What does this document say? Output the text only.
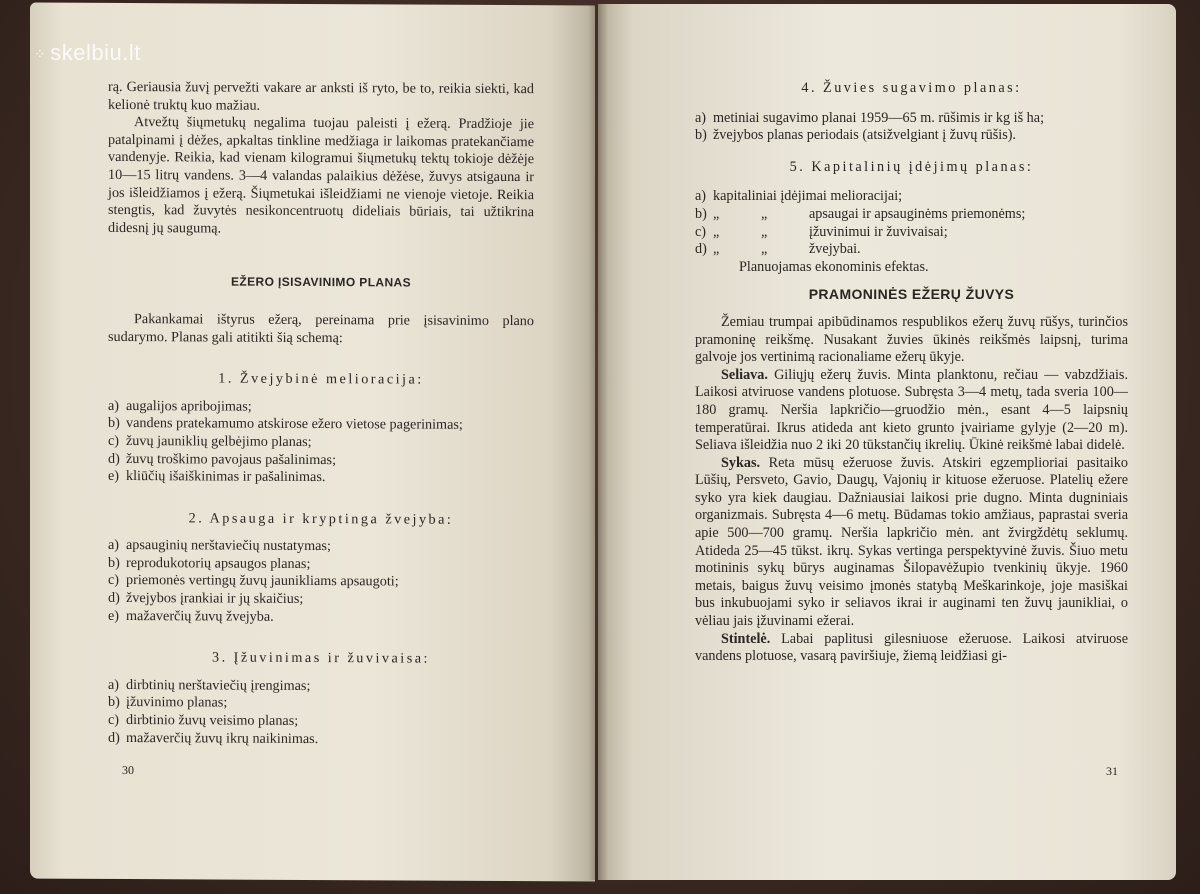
rą. Geriausia žuvį pervežti vakare ar anksti iš ryto, be to, reikia siekti, kad kelionė truktų kuo mažiau.

Atvežtų šiųmetukų negalima tuojau paleisti į ežerą. Pradžioje jie patalpinami į dėžes, apkaltas tinkline medžiaga ir laikomas pratekančiame vandenyje. Reikia, kad vienam kilogramui šiųmetukų tektų tokioje dėžėje 10—15 litrų vandens. 3—4 valandas palaikius dėžėse, žuvys atsigauna ir jos išleidžiamos į ežerą. Šiųmetukai išleidžiami ne vienoje vietoje. Reikia stengtis, kad žuvytės nesikoncentruotų dideliais būriais, tai užtikrina didesnį jų saugumą.

EŽERO ĮSISAVINIMO PLANAS

Pakankamai ištyrus ežerą, pereinama prie įsisavinimo plano sudarymo. Planas gali atitikti šią schemą:

1. Žvejybinė melioracija:
a) augalijos apribojimas;
b) vandens pratekamumo atskirose ežero vietose pagerinimas;
c) žuvų jauniklių gelbėjimo planas;
d) žuvų troškimo pavojaus pašalinimas;
e) kliūčių išaiškinimas ir pašalinimas.
2. Apsauga ir kryptinga žvejyba:
a) apsauginių nerštaviečių nustatymas;
b) reprodukotorių apsaugos planas;
c) priemonės vertingų žuvų jaunikliams apsaugoti;
d) žvejybos įrankiai ir jų skaičius;
e) mažaverčių žuvų žvejyba.
3. Įžuvinimas ir žuvivaisa:
a) dirbtinių nerštaviečių įrengimas;
b) įžuvinimo planas;
c) dirbtinio žuvų veisimo planas;
d) mažaverčių žuvų ikrų naikinimas.
30
4. Žuvies sugavimo planas:
a) metiniai sugavimo planai 1959—65 m. rūšimis ir kg iš ha;
b) žvejybos planas periodais (atsižvelgiant į žuvų rūšis).
5. Kapitalinių įdėjimų planas:
a) kapitaliniai įdėjimai melioracijai;
b) „	„	apsaugai ir apsauginėms priemonėms;
c) „	„	įžuvinimui ir žuvivaisai;
d) „	„	žvejybai.

Planuojamas ekonominis efektas.

PRAMONINĖS EŽERŲ ŽUVYS

Žemiau trumpai apibūdinamos respublikos ežerų žuvų rūšys, turinčios pramoninę reikšmę. Nusakant žuvies ūkinės reikšmės laipsnį, turima galvoje jos vertinimą racionaliame ežerų ūkyje.

Seliava. Giliųjų ežerų žuvis. Minta planktonu, rečiau — vabzdžiais. Laikosi atviruose vandens plotuose. Subręsta 3—4 metų, tada sveria 100—180 gramų. Neršia lapkričio—gruodžio mėn., esant 4—5 laipsnių temperatūrai. Ikrus atideda ant kieto grunto įvairiame gylyje (2—20 m). Seliava išleidžia nuo 2 iki 20 tūkstančių ikrelių. Ūkinė reikšmė labai didelė.

Sykas. Reta mūsų ežeruose žuvis. Atskiri egzemplioriai pasitaiko Lūšių, Persveto, Gavio, Daugų, Vajonių ir kituose ežeruose. Platelių ežere syko yra kiek daugiau. Dažniausiai laikosi prie dugno. Minta dugniniais organizmais. Subręsta 4—6 metų. Būdamas tokio amžiaus, paprastai sveria apie 500—700 gramų. Neršia lapkričio mėn. ant žvirgždėtų seklumų. Atideda 25—45 tūkst. ikrų. Sykas vertinga perspektyvinė žuvis. Šiuo metu motininis sykų būrys auginamas Šilopavėžupio tvenkinių ūkyje. 1960 metais, baigus žuvų veisimo įmonės statybą Meškarinkoje, joje masiškai bus inkubuojami syko ir seliavos ikrai ir auginami ten žuvų jaunikliai, o vėliau jais įžuvinami ežerai.

Stintelė. Labai paplitusi gilesniuose ežeruose. Laikosi atviruose vandens plotuose, vasarą paviršiuje, žiemą leidžiasi gi-

31
⁘ skelbiu.lt
